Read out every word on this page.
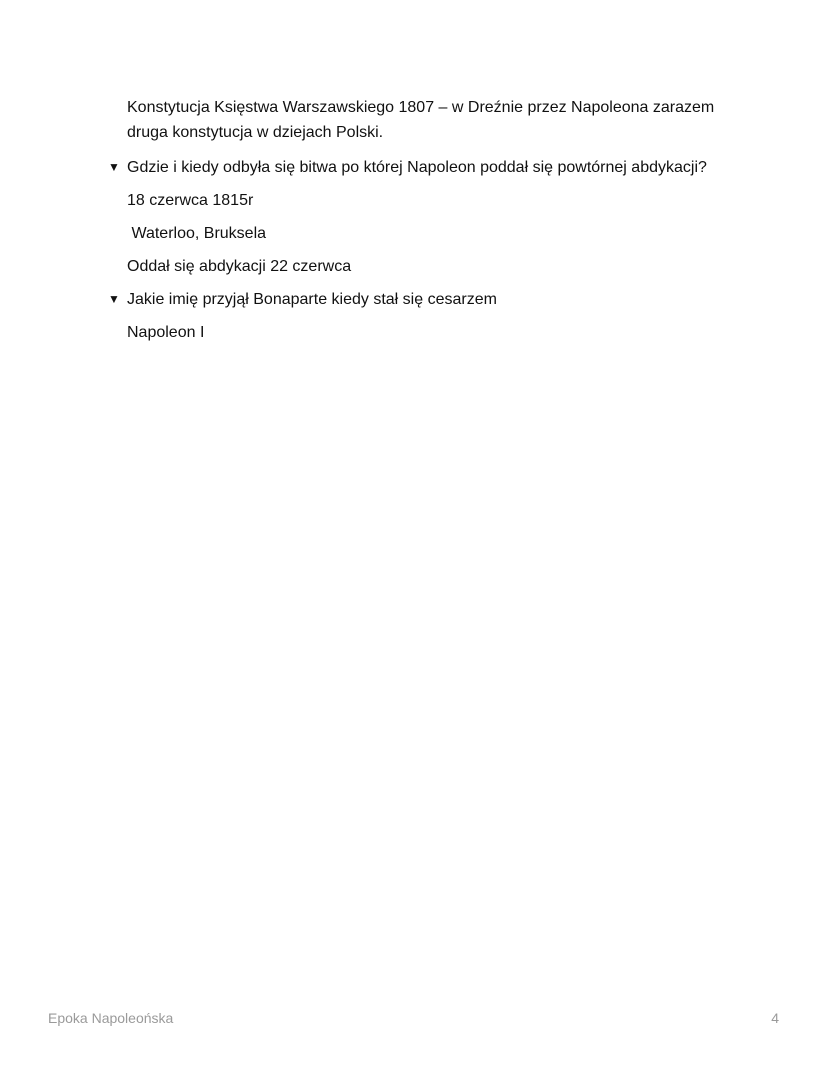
Konstytucja Księstwa Warszawskiego 1807 – w Dreźnie przez Napoleona zarazem druga konstytucja w dziejach Polski.
▼ Gdzie i kiedy odbyła się bitwa po której Napoleon poddał się powtórnej abdykacji?
18 czerwca 1815r
Waterloo, Bruksela
Oddał się abdykacji 22 czerwca
▼ Jakie imię przyjął Bonaparte kiedy stał się cesarzem
Napoleon I
Epoka Napoleońska	4
